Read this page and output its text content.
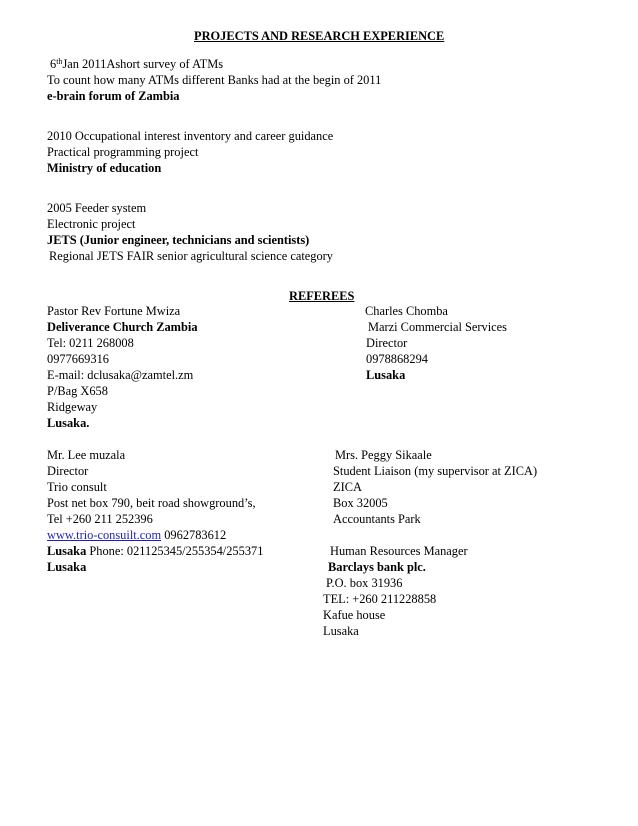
PROJECTS AND RESEARCH EXPERIENCE
6thJan 2011Ashort survey of ATMs
To count how many ATMs different Banks had at the begin of 2011
e-brain forum of Zambia
2010 Occupational interest inventory and career guidance
Practical programming project
Ministry of education
2005 Feeder system
Electronic project
JETS (Junior engineer, technicians and scientists)
Regional JETS FAIR senior agricultural science category
REFEREES
Pastor Rev Fortune Mwiza
Deliverance Church Zambia
Tel: 0211 268008
0977669316
E-mail: dclusaka@zamtel.zm
P/Bag X658
Ridgeway
Lusaka.
Charles Chomba
Marzi Commercial Services
Director
0978868294
Lusaka
Mr. Lee muzala
Director
Trio consult
Post net box 790, beit road showground’s,
Tel +260 211 252396
www.trio-consuilt.com 0962783612
Lusaka Phone: 021125345/255354/255371
Lusaka
Mrs. Peggy Sikaale
Student Liaison (my supervisor at ZICA)
ZICA
Box 32005
Accountants Park
Human Resources Manager
Barclays bank plc.
P.O. box 31936
TEL: +260 211228858
Kafue house
Lusaka
